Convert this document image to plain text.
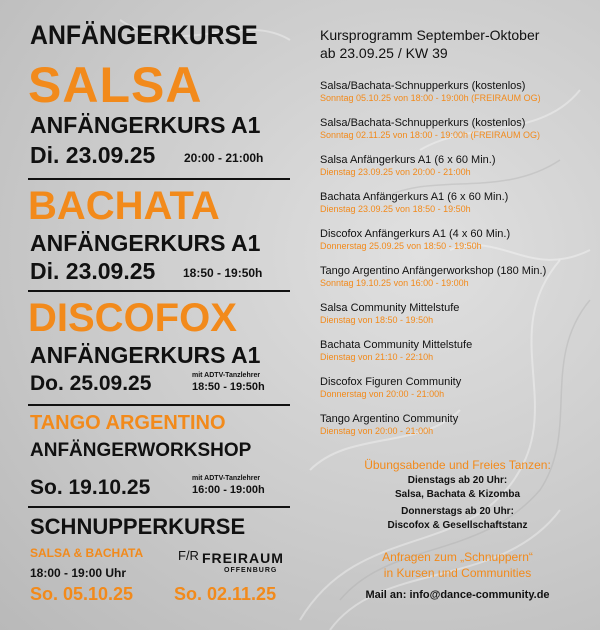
ANFÄNGERKURSE
SALSA
ANFÄNGERKURS A1
Di. 23.09.25 20:00 - 21:00h
BACHATA
ANFÄNGERKURS A1
Di. 23.09.25 18:50 - 19:50h
DISCOFOX
ANFÄNGERKURS A1
Do. 25.09.25	mit ADTV-Tanzlehrer
18:50 - 19:50h
TANGO ARGENTINO
ANFÄNGERWORKSHOP
So. 19.10.25	mit ADTV-Tanzlehrer
16:00 - 19:00h
SCHNUPPERKURSE
SALSA & BACHATA
18:00 - 19:00 Uhr
So. 05.10.25 So. 02.11.25
F/R FREIRAUM
OFFENBURG
Kursprogramm September-Oktober
ab 23.09.25 / KW 39
Salsa/Bachata-Schnupperkurs (kostenlos)
Sonntag 05.10.25 von 18:00 - 19:00h (FREIRAUM OG)
Salsa/Bachata-Schnupperkurs (kostenlos)
Sonntag 02.11.25 von 18:00 - 19:00h (FREIRAUM OG)
Salsa Anfängerkurs A1 (6 x 60 Min.)
Dienstag 23.09.25 von 20:00 - 21:00h
Bachata Anfängerkurs A1 (6 x 60 Min.)
Dienstag 23.09.25 von 18:50 - 19:50h
Discofox Anfängerkurs A1 (4 x 60 Min.)
Donnerstag 25.09.25 von 18:50 - 19:50h
Tango Argentino Anfängerworkshop (180 Min.)
Sonntag 19.10.25 von 16:00 - 19:00h
Salsa Community Mittelstufe
Dienstag von 18:50 - 19:50h
Bachata Community Mittelstufe
Dienstag von 21:10 - 22:10h
Discofox Figuren Community
Donnerstag von 20:00 - 21:00h
Tango Argentino Community
Dienstag von 20:00 - 21:00h
Übungsabende und Freies Tanzen:
Dienstags ab 20 Uhr:
Salsa, Bachata & Kizomba
Donnerstags ab 20 Uhr:
Discofox & Gesellschaftstanz
Anfragen zum „Schnuppern“
in Kursen und Communities
Mail an: info@dance-community.de
